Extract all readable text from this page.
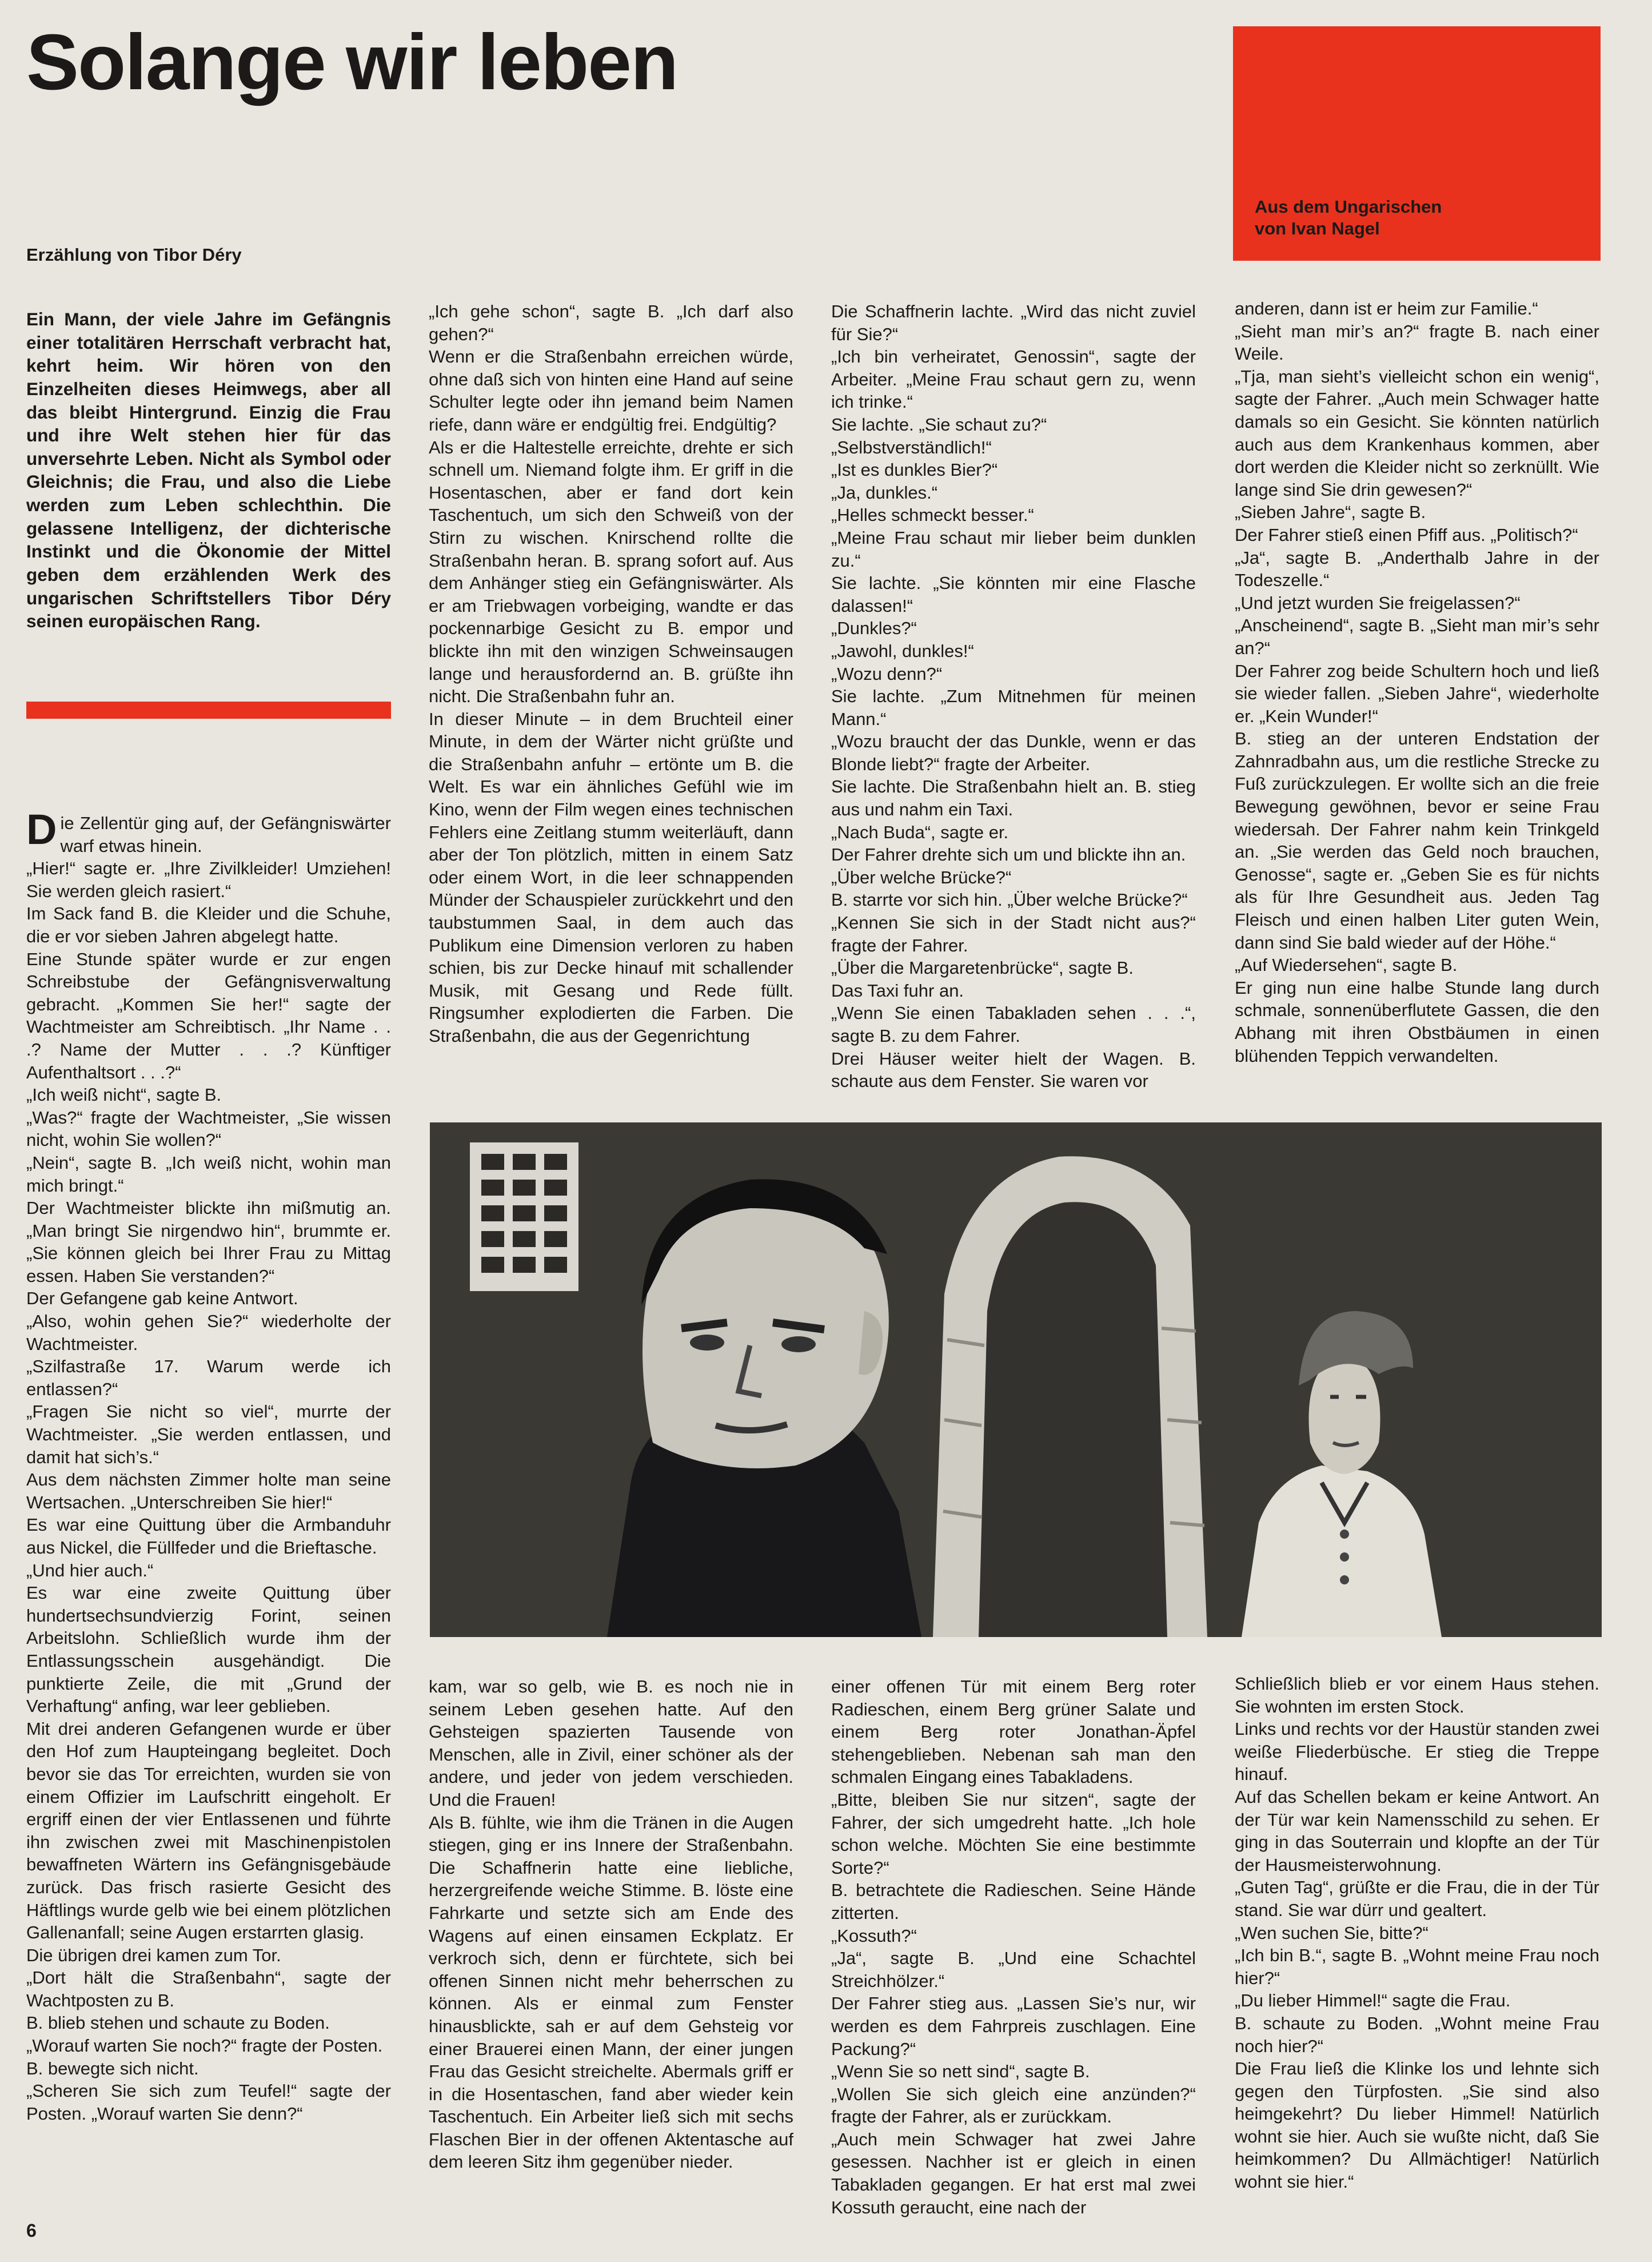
Solange wir leben
Aus dem Ungarischen
von Ivan Nagel
Erzählung von Tibor Déry

Ein Mann, der viele Jahre im Gefängnis einer totalitären Herrschaft verbracht hat, kehrt heim. Wir hören von den Einzelheiten dieses Heimwegs, aber all das bleibt Hintergrund. Einzig die Frau und ihre Welt stehen hier für das unversehrte Leben. Nicht als Symbol oder Gleichnis; die Frau, und also die Liebe werden zum Leben schlechthin. Die gelassene Intelligenz, der dichterische Instinkt und die Ökonomie der Mittel geben dem erzählenden Werk des ungarischen Schriftstellers Tibor Déry seinen europäischen Rang.

Die Zellentür ging auf, der Gefängniswärter warf etwas hinein.
„Hier!“ sagte er. „Ihre Zivilkleider! Umziehen! Sie werden gleich rasiert.“
Im Sack fand B. die Kleider und die Schuhe, die er vor sieben Jahren abgelegt hatte.
Eine Stunde später wurde er zur engen Schreibstube der Gefängnisverwaltung gebracht. „Kommen Sie her!“ sagte der Wachtmeister am Schreibtisch. „Ihr Name . . .? Name der Mutter . . .? Künftiger Aufenthaltsort . . .?“
„Ich weiß nicht“, sagte B.
„Was?“ fragte der Wachtmeister, „Sie wissen nicht, wohin Sie wollen?“
„Nein“, sagte B. „Ich weiß nicht, wohin man mich bringt.“
Der Wachtmeister blickte ihn mißmutig an. „Man bringt Sie nirgendwo hin“, brummte er. „Sie können gleich bei Ihrer Frau zu Mittag essen. Haben Sie verstanden?“
Der Gefangene gab keine Antwort.
„Also, wohin gehen Sie?“ wiederholte der Wachtmeister.
„Szilfastraße 17. Warum werde ich entlassen?“
„Fragen Sie nicht so viel“, murrte der Wachtmeister. „Sie werden entlassen, und damit hat sich’s.“
Aus dem nächsten Zimmer holte man seine Wertsachen. „Unterschreiben Sie hier!“
Es war eine Quittung über die Armbanduhr aus Nickel, die Füllfeder und die Brieftasche.
„Und hier auch.“
Es war eine zweite Quittung über hundertsechsundvierzig Forint, seinen Arbeitslohn. Schließlich wurde ihm der Entlassungsschein ausgehändigt. Die punktierte Zeile, die mit „Grund der Verhaftung“ anfing, war leer geblieben.
Mit drei anderen Gefangenen wurde er über den Hof zum Haupteingang begleitet. Doch bevor sie das Tor erreichten, wurden sie von einem Offizier im Laufschritt eingeholt. Er ergriff einen der vier Entlassenen und führte ihn zwischen zwei mit Maschinenpistolen bewaffneten Wärtern ins Gefängnisgebäude zurück. Das frisch rasierte Gesicht des Häftlings wurde gelb wie bei einem plötzlichen Gallenanfall; seine Augen erstarrten glasig.
Die übrigen drei kamen zum Tor.
„Dort hält die Straßenbahn“, sagte der Wachtposten zu B.
B. blieb stehen und schaute zu Boden.
„Worauf warten Sie noch?“ fragte der Posten.
B. bewegte sich nicht.
„Scheren Sie sich zum Teufel!“ sagte der Posten. „Worauf warten Sie denn?“

„Ich gehe schon“, sagte B. „Ich darf also gehen?“
Wenn er die Straßenbahn erreichen würde, ohne daß sich von hinten eine Hand auf seine Schulter legte oder ihn jemand beim Namen riefe, dann wäre er endgültig frei. Endgültig?
Als er die Haltestelle erreichte, drehte er sich schnell um. Niemand folgte ihm. Er griff in die Hosentaschen, aber er fand dort kein Taschentuch, um sich den Schweiß von der Stirn zu wischen. Knirschend rollte die Straßenbahn heran. B. sprang sofort auf. Aus dem Anhänger stieg ein Gefängniswärter. Als er am Triebwagen vorbeiging, wandte er das pockennarbige Gesicht zu B. empor und blickte ihn mit den winzigen Schweinsaugen lange und herausfordernd an. B. grüßte ihn nicht. Die Straßenbahn fuhr an.
In dieser Minute – in dem Bruchteil einer Minute, in dem der Wärter nicht grüßte und die Straßenbahn anfuhr – ertönte um B. die Welt. Es war ein ähnliches Gefühl wie im Kino, wenn der Film wegen eines technischen Fehlers eine Zeitlang stumm weiterläuft, dann aber der Ton plötzlich, mitten in einem Satz oder einem Wort, in die leer schnappenden Münder der Schauspieler zurückkehrt und den taubstummen Saal, in dem auch das Publikum eine Dimension verloren zu haben schien, bis zur Decke hinauf mit schallender Musik, mit Gesang und Rede füllt. Ringsumher explodierten die Farben. Die Straßenbahn, die aus der Gegenrichtung

Die Schaffnerin lachte. „Wird das nicht zuviel für Sie?“
„Ich bin verheiratet, Genossin“, sagte der Arbeiter. „Meine Frau schaut gern zu, wenn ich trinke.“
Sie lachte. „Sie schaut zu?“
„Selbstverständlich!“
„Ist es dunkles Bier?“
„Ja, dunkles.“
„Helles schmeckt besser.“
„Meine Frau schaut mir lieber beim dunklen zu.“
Sie lachte. „Sie könnten mir eine Flasche dalassen!“
„Dunkles?“
„Jawohl, dunkles!“
„Wozu denn?“
Sie lachte. „Zum Mitnehmen für meinen Mann.“
„Wozu braucht der das Dunkle, wenn er das Blonde liebt?“ fragte der Arbeiter.
Sie lachte. Die Straßenbahn hielt an. B. stieg aus und nahm ein Taxi.
„Nach Buda“, sagte er.
Der Fahrer drehte sich um und blickte ihn an.
„Über welche Brücke?“
B. starrte vor sich hin. „Über welche Brücke?“
„Kennen Sie sich in der Stadt nicht aus?“ fragte der Fahrer.
„Über die Margaretenbrücke“, sagte B.
Das Taxi fuhr an.
„Wenn Sie einen Tabakladen sehen . . .“, sagte B. zu dem Fahrer.
Drei Häuser weiter hielt der Wagen. B. schaute aus dem Fenster. Sie waren vor

anderen, dann ist er heim zur Familie.“
„Sieht man mir’s an?“ fragte B. nach einer Weile.
„Tja, man sieht’s vielleicht schon ein wenig“, sagte der Fahrer. „Auch mein Schwager hatte damals so ein Gesicht. Sie könnten natürlich auch aus dem Krankenhaus kommen, aber dort werden die Kleider nicht so zerknüllt. Wie lange sind Sie drin gewesen?“
„Sieben Jahre“, sagte B.
Der Fahrer stieß einen Pfiff aus. „Politisch?“
„Ja“, sagte B. „Anderthalb Jahre in der Todeszelle.“
„Und jetzt wurden Sie freigelassen?“
„Anscheinend“, sagte B. „Sieht man mir’s sehr an?“
Der Fahrer zog beide Schultern hoch und ließ sie wieder fallen. „Sieben Jahre“, wiederholte er. „Kein Wunder!“
B. stieg an der unteren Endstation der Zahnradbahn aus, um die restliche Strecke zu Fuß zurückzulegen. Er wollte sich an die freie Bewegung gewöhnen, bevor er seine Frau wiedersah. Der Fahrer nahm kein Trinkgeld an. „Sie werden das Geld noch brauchen, Genosse“, sagte er. „Geben Sie es für nichts als für Ihre Gesundheit aus. Jeden Tag Fleisch und einen halben Liter guten Wein, dann sind Sie bald wieder auf der Höhe.“
„Auf Wiedersehen“, sagte B.
Er ging nun eine halbe Stunde lang durch schmale, sonnenüberflutete Gassen, die den Abhang mit ihren Obstbäumen in einen blühenden Teppich verwandelten.

kam, war so gelb, wie B. es noch nie in seinem Leben gesehen hatte. Auf den Gehsteigen spazierten Tausende von Menschen, alle in Zivil, einer schöner als der andere, und jeder von jedem verschieden. Und die Frauen!
Als B. fühlte, wie ihm die Tränen in die Augen stiegen, ging er ins Innere der Straßenbahn. Die Schaffnerin hatte eine liebliche, herzergreifende weiche Stimme. B. löste eine Fahrkarte und setzte sich am Ende des Wagens auf einen einsamen Eckplatz. Er verkroch sich, denn er fürchtete, sich bei offenen Sinnen nicht mehr beherrschen zu können. Als er einmal zum Fenster hinausblickte, sah er auf dem Gehsteig vor einer Brauerei einen Mann, der einer jungen Frau das Gesicht streichelte. Abermals griff er in die Hosentaschen, fand aber wieder kein Taschentuch. Ein Arbeiter ließ sich mit sechs Flaschen Bier in der offenen Aktentasche auf dem leeren Sitz ihm gegenüber nieder.

einer offenen Tür mit einem Berg roter Radieschen, einem Berg grüner Salate und einem Berg roter Jonathan-Äpfel stehengeblieben. Nebenan sah man den schmalen Eingang eines Tabakladens.
„Bitte, bleiben Sie nur sitzen“, sagte der Fahrer, der sich umgedreht hatte. „Ich hole schon welche. Möchten Sie eine bestimmte Sorte?“
B. betrachtete die Radieschen. Seine Hände zitterten.
„Kossuth?“
„Ja“, sagte B. „Und eine Schachtel Streichhölzer.“
Der Fahrer stieg aus. „Lassen Sie’s nur, wir werden es dem Fahrpreis zuschlagen. Eine Packung?“
„Wenn Sie so nett sind“, sagte B.
„Wollen Sie sich gleich eine anzünden?“ fragte der Fahrer, als er zurückkam.
„Auch mein Schwager hat zwei Jahre gesessen. Nachher ist er gleich in einen Tabakladen gegangen. Er hat erst mal zwei Kossuth geraucht, eine nach der

Schließlich blieb er vor einem Haus stehen. Sie wohnten im ersten Stock.
Links und rechts vor der Haustür standen zwei weiße Fliederbüsche. Er stieg die Treppe hinauf.
Auf das Schellen bekam er keine Antwort. An der Tür war kein Namensschild zu sehen. Er ging in das Souterrain und klopfte an der Tür der Hausmeisterwohnung.
„Guten Tag“, grüßte er die Frau, die in der Tür stand. Sie war dürr und gealtert.
„Wen suchen Sie, bitte?“
„Ich bin B.“, sagte B. „Wohnt meine Frau noch hier?“
„Du lieber Himmel!“ sagte die Frau.
B. schaute zu Boden. „Wohnt meine Frau noch hier?“
Die Frau ließ die Klinke los und lehnte sich gegen den Türpfosten. „Sie sind also heimgekehrt? Du lieber Himmel! Natürlich wohnt sie hier. Auch sie wußte nicht, daß Sie heimkommen? Du Allmächtiger! Natürlich wohnt sie hier.“

6
